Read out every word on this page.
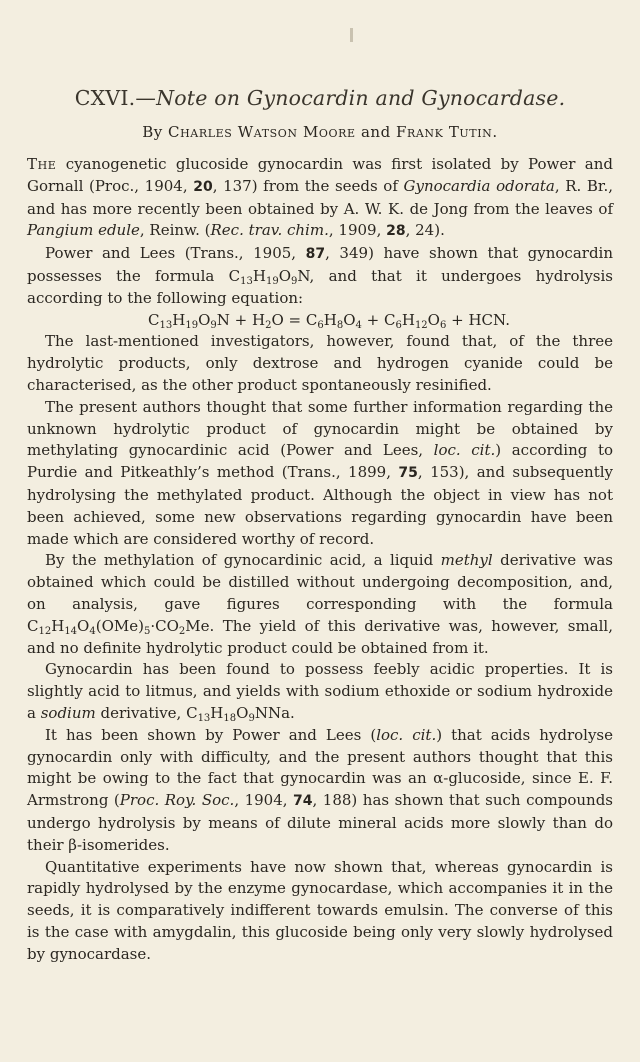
CXVI.—Note on Gynocardin and Gynocardase.
By Charles Watson Moore and Frank Tutin.

The cyanogenetic glucoside gynocardin was first isolated by Power and Gornall (Proc., 1904, 20, 137) from the seeds of Gynocardia odorata, R. Br., and has more recently been obtained by A. W. K. de Jong from the leaves of Pangium edule, Reinw. (Rec. trav. chim., 1909, 28, 24).

Power and Lees (Trans., 1905, 87, 349) have shown that gynocardin possesses the formula $C_{13}H_{19}O_9N$, and that it undergoes hydrolysis according to the following equation:

$C_{13}H_{19}O_9N + H_2O = C_6H_8O_4 + C_6H_{12}O_6$ + HCN.

The last-mentioned investigators, however, found that, of the three hydrolytic products, only dextrose and hydrogen cyanide could be characterised, as the other product spontaneously resinified.

The present authors thought that some further information regarding the unknown hydrolytic product of gynocardin might be obtained by methylating gynocardinic acid (Power and Lees, loc. cit.) according to Purdie and Pitkeathly’s method (Trans., 1899, 75, 153), and subsequently hydrolysing the methylated product. Although the object in view has not been achieved, some new observations regarding gynocardin have been made which are considered worthy of record.

By the methylation of gynocardinic acid, a liquid methyl derivative was obtained which could be distilled without undergoing decomposition, and, on analysis, gave figures corresponding with the formula $C_{12}H_{14}O_4(OMe)_5\cdot CO_2Me$. The yield of this derivative was, however, small, and no definite hydrolytic product could be obtained from it.

Gynocardin has been found to possess feebly acidic properties. It is slightly acid to litmus, and yields with sodium ethoxide or sodium hydroxide a sodium derivative, $C_{13}H_{18}O_9NNa$.

It has been shown by Power and Lees (loc. cit.) that acids hydrolyse gynocardin only with difficulty, and the present authors thought that this might be owing to the fact that gynocardin was an α-glucoside, since E. F. Armstrong (Proc. Roy. Soc., 1904, 74, 188) has shown that such compounds undergo hydrolysis by means of dilute mineral acids more slowly than do their β-isomerides.

Quantitative experiments have now shown that, whereas gynocardin is rapidly hydrolysed by the enzyme gynocardase, which accompanies it in the seeds, it is comparatively indifferent towards emulsin. The converse of this is the case with amygdalin, this glucoside being only very slowly hydrolysed by gynocardase.
